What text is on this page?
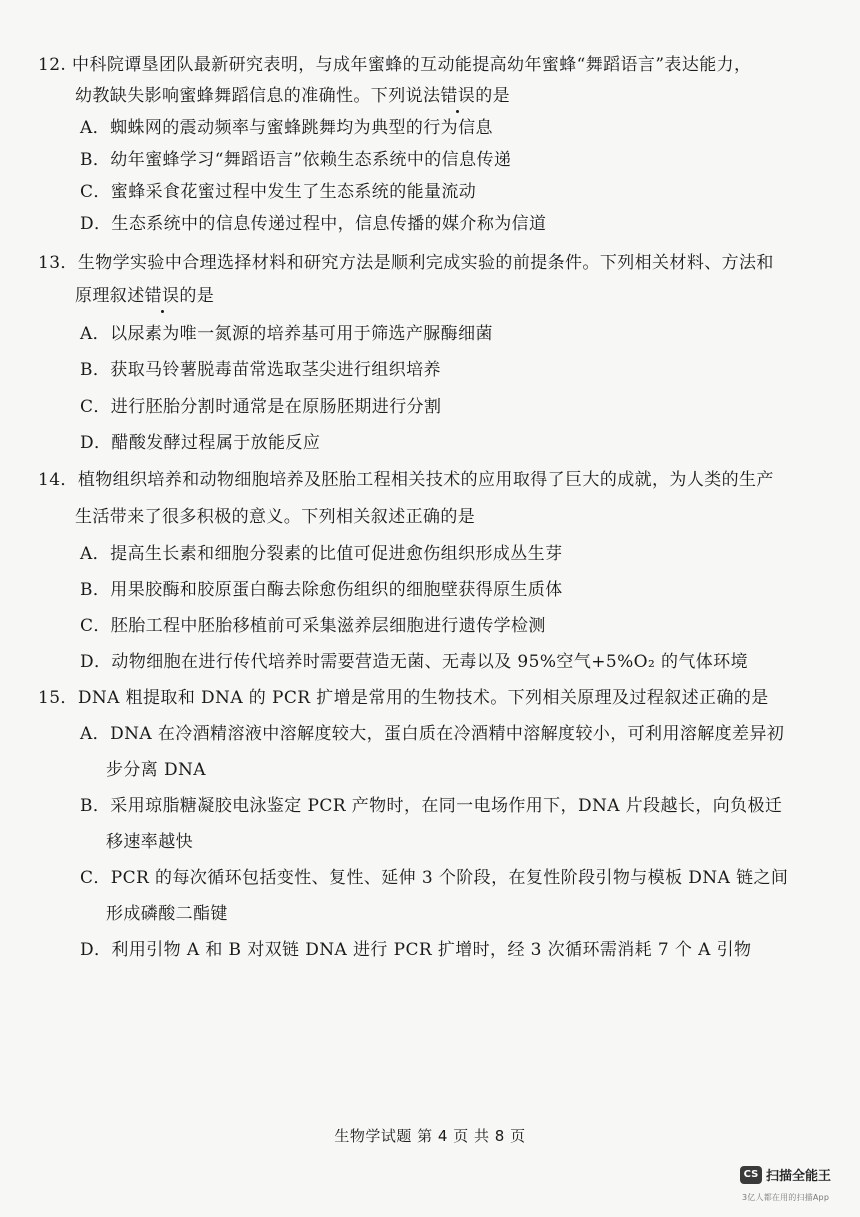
12. 中科院谭垦团队最新研究表明，与成年蜜蜂的互动能提高幼年蜜蜂“舞蹈语言”表达能力，
幼教缺失影响蜜蜂舞蹈信息的准确性。下列说法错误的是
A．蜘蛛网的震动频率与蜜蜂跳舞均为典型的行为信息
B．幼年蜜蜂学习“舞蹈语言”依赖生态系统中的信息传递
C．蜜蜂采食花蜜过程中发生了生态系统的能量流动
D．生态系统中的信息传递过程中，信息传播的媒介称为信道
13．生物学实验中合理选择材料和研究方法是顺利完成实验的前提条件。下列相关材料、方法和
原理叙述错误的是
A．以尿素为唯一氮源的培养基可用于筛选产脲酶细菌
B．获取马铃薯脱毒苗常选取茎尖进行组织培养
C．进行胚胎分割时通常是在原肠胚期进行分割
D．醋酸发酵过程属于放能反应
14．植物组织培养和动物细胞培养及胚胎工程相关技术的应用取得了巨大的成就，为人类的生产
生活带来了很多积极的意义。下列相关叙述正确的是
A．提高生长素和细胞分裂素的比值可促进愈伤组织形成丛生芽
B．用果胶酶和胶原蛋白酶去除愈伤组织的细胞壁获得原生质体
C．胚胎工程中胚胎移植前可采集滋养层细胞进行遗传学检测
D．动物细胞在进行传代培养时需要营造无菌、无毒以及 95%空气+5%O₂ 的气体环境
15．DNA 粗提取和 DNA 的 PCR 扩增是常用的生物技术。下列相关原理及过程叙述正确的是
A．DNA 在冷酒精溶液中溶解度较大，蛋白质在冷酒精中溶解度较小，可利用溶解度差异初
步分离 DNA
B．采用琼脂糖凝胶电泳鉴定 PCR 产物时，在同一电场作用下，DNA 片段越长，向负极迁
移速率越快
C．PCR 的每次循环包括变性、复性、延伸 3 个阶段，在复性阶段引物与模板 DNA 链之间
形成磷酸二酯键
D．利用引物 A 和 B 对双链 DNA 进行 PCR 扩增时，经 3 次循环需消耗 7 个 A 引物
生物学试题 第 4 页 共 8 页
CS 扫描全能王
3亿人都在用的扫描App
